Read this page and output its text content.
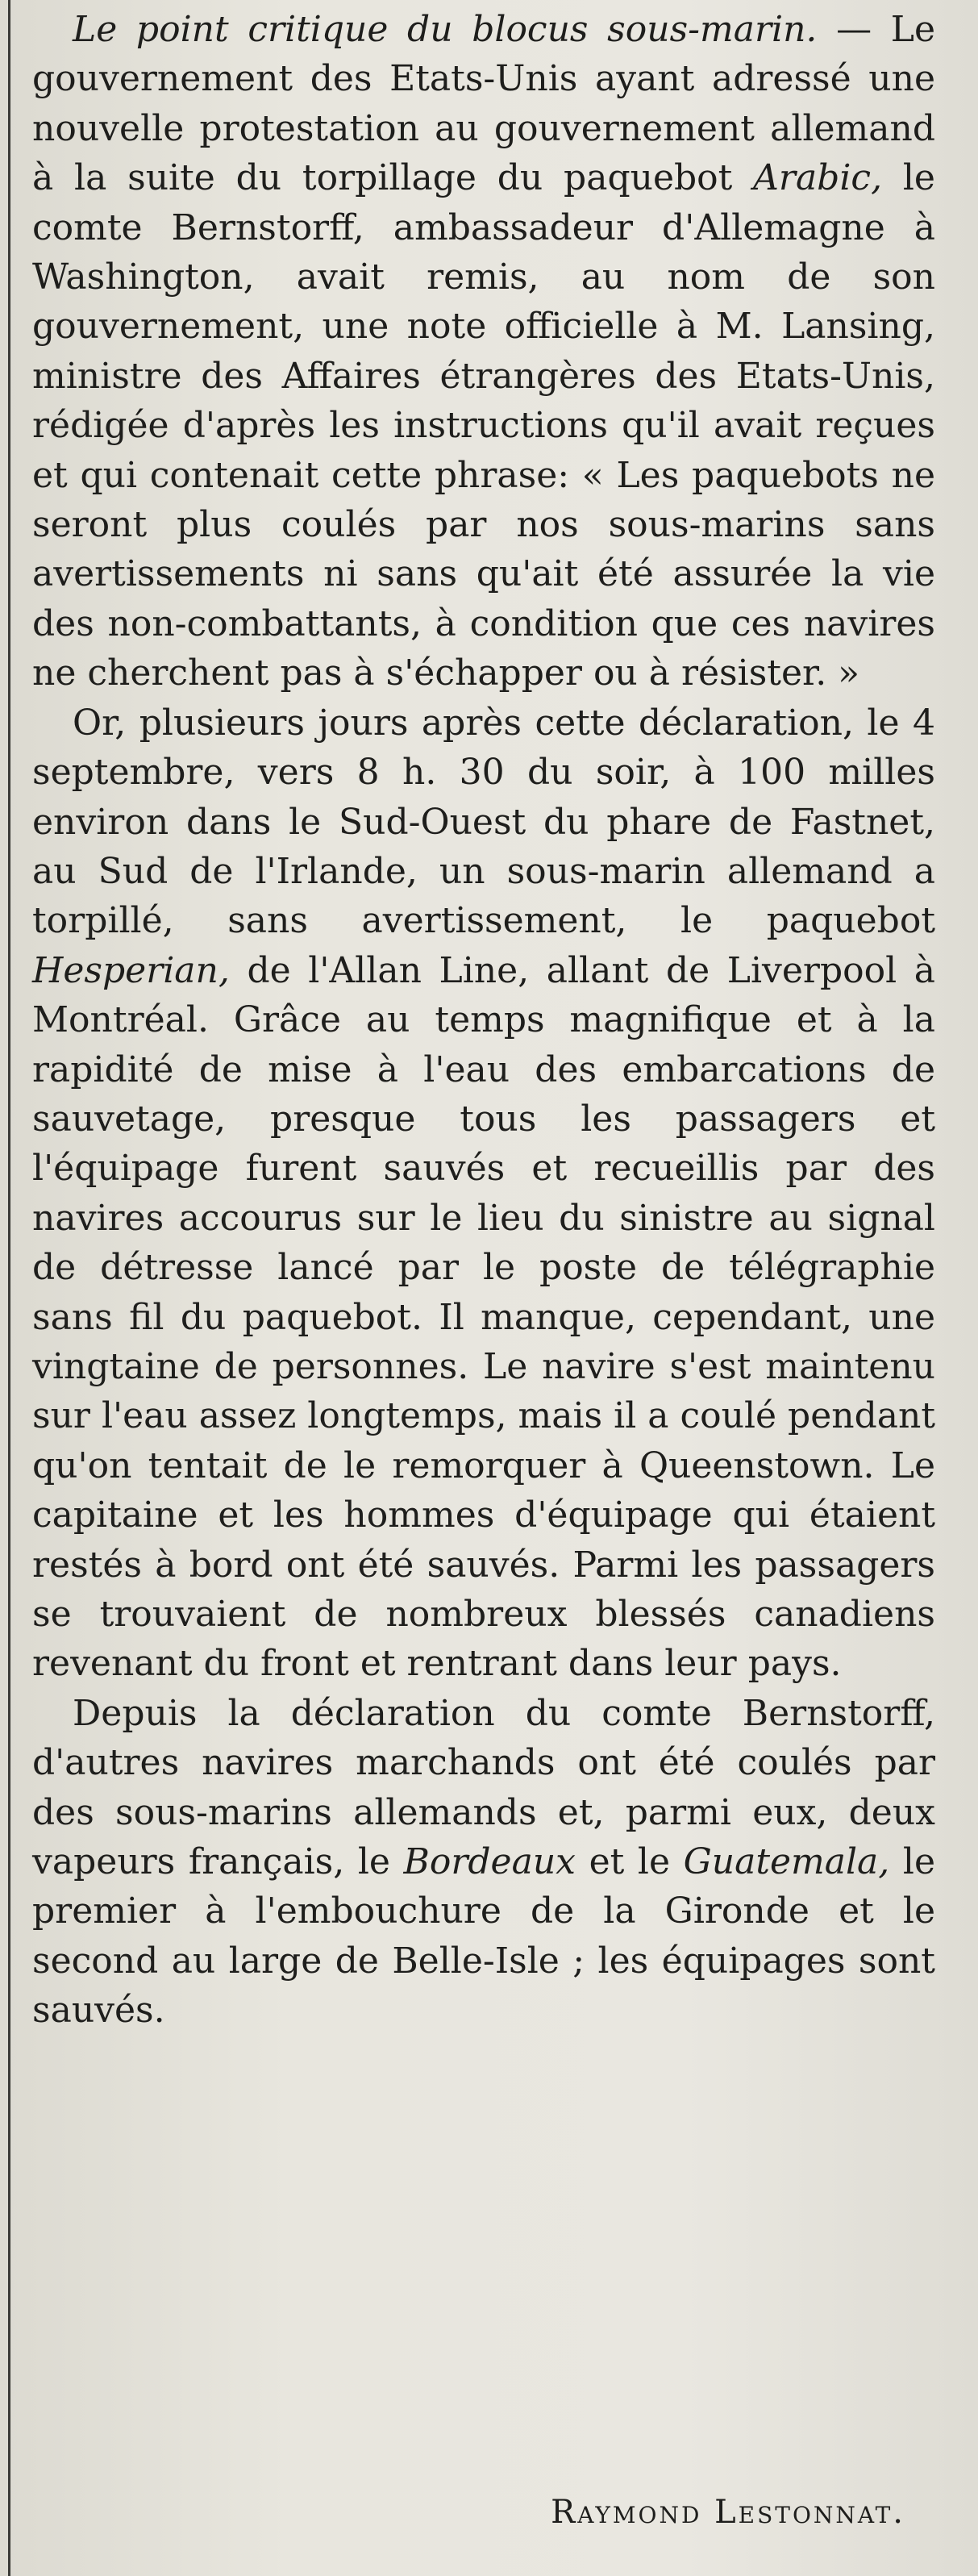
Le point critique du blocus sous-marin. — Le gouvernement des Etats-Unis ayant adressé une nouvelle protestation au gouvernement allemand à la suite du torpillage du paquebot Arabic, le comte Bernstorff, ambassadeur d'Allemagne à Washington, avait remis, au nom de son gouvernement, une note officielle à M. Lansing, ministre des Affaires étrangères des Etats-Unis, rédigée d'après les instructions qu'il avait reçues et qui contenait cette phrase: « Les paquebots ne seront plus coulés par nos sous-marins sans avertissements ni sans qu'ait été assurée la vie des non-combattants, à condition que ces navires ne cherchent pas à s'échapper ou à résister. »

Or, plusieurs jours après cette déclaration, le 4 septembre, vers 8 h. 30 du soir, à 100 milles environ dans le Sud-Ouest du phare de Fastnet, au Sud de l'Irlande, un sous-marin allemand a torpillé, sans avertissement, le paquebot Hesperian, de l'Allan Line, allant de Liverpool à Montréal. Grâce au temps magnifique et à la rapidité de mise à l'eau des embarcations de sauvetage, presque tous les passagers et l'équipage furent sauvés et recueillis par des navires accourus sur le lieu du sinistre au signal de détresse lancé par le poste de télégraphie sans fil du paquebot. Il manque, cependant, une vingtaine de personnes. Le navire s'est maintenu sur l'eau assez longtemps, mais il a coulé pendant qu'on tentait de le remorquer à Queenstown. Le capitaine et les hommes d'équipage qui étaient restés à bord ont été sauvés. Parmi les passagers se trouvaient de nombreux blessés canadiens revenant du front et rentrant dans leur pays.

Depuis la déclaration du comte Bernstorff, d'autres navires marchands ont été coulés par des sous-marins allemands et, parmi eux, deux vapeurs français, le Bordeaux et le Guatemala, le premier à l'embouchure de la Gironde et le second au large de Belle-Isle ; les équipages sont sauvés.

Raymond Lestonnat.
